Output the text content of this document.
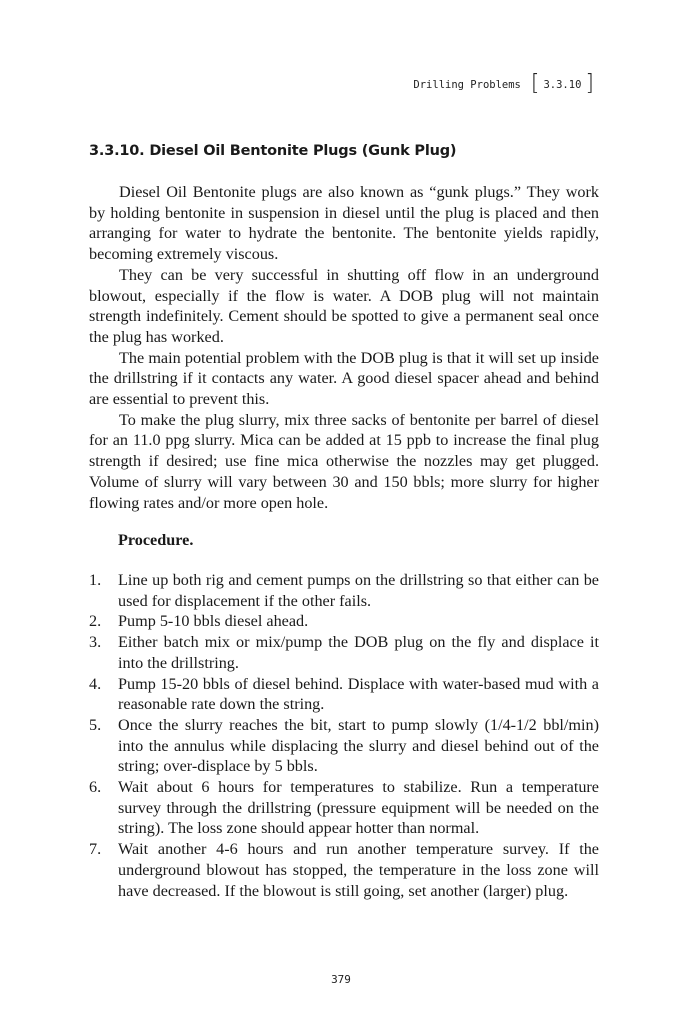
Drilling Problems [ 3.3.10 ]
3.3.10. Diesel Oil Bentonite Plugs (Gunk Plug)

Diesel Oil Bentonite plugs are also known as “gunk plugs.” They work by holding bentonite in suspension in diesel until the plug is placed and then arranging for water to hydrate the bentonite. The bentonite yields rapidly, becoming extremely viscous.

They can be very successful in shutting off flow in an underground blowout, especially if the flow is water. A DOB plug will not maintain strength indefinitely. Cement should be spotted to give a permanent seal once the plug has worked.

The main potential problem with the DOB plug is that it will set up inside the drillstring if it contacts any water. A good diesel spacer ahead and behind are essential to prevent this.

To make the plug slurry, mix three sacks of bentonite per barrel of diesel for an 11.0 ppg slurry. Mica can be added at 15 ppb to increase the final plug strength if desired; use fine mica otherwise the nozzles may get plugged. Volume of slurry will vary between 30 and 150 bbls; more slurry for higher flowing rates and/or more open hole.

Procedure.
1.	Line up both rig and cement pumps on the drillstring so that either can be used for displacement if the other fails.
2.	Pump 5-10 bbls diesel ahead.
3.	Either batch mix or mix/pump the DOB plug on the fly and displace it into the drillstring.
4.	Pump 15-20 bbls of diesel behind. Displace with water-based mud with a reasonable rate down the string.
5.	Once the slurry reaches the bit, start to pump slowly (1/4-1/2 bbl/min) into the annulus while displacing the slurry and diesel behind out of the string; over-displace by 5 bbls.
6.	Wait about 6 hours for temperatures to stabilize. Run a temperature survey through the drillstring (pressure equipment will be needed on the string). The loss zone should appear hotter than normal.
7.	Wait another 4-6 hours and run another temperature survey. If the underground blowout has stopped, the temperature in the loss zone will have decreased. If the blowout is still going, set another (larger) plug.
379
